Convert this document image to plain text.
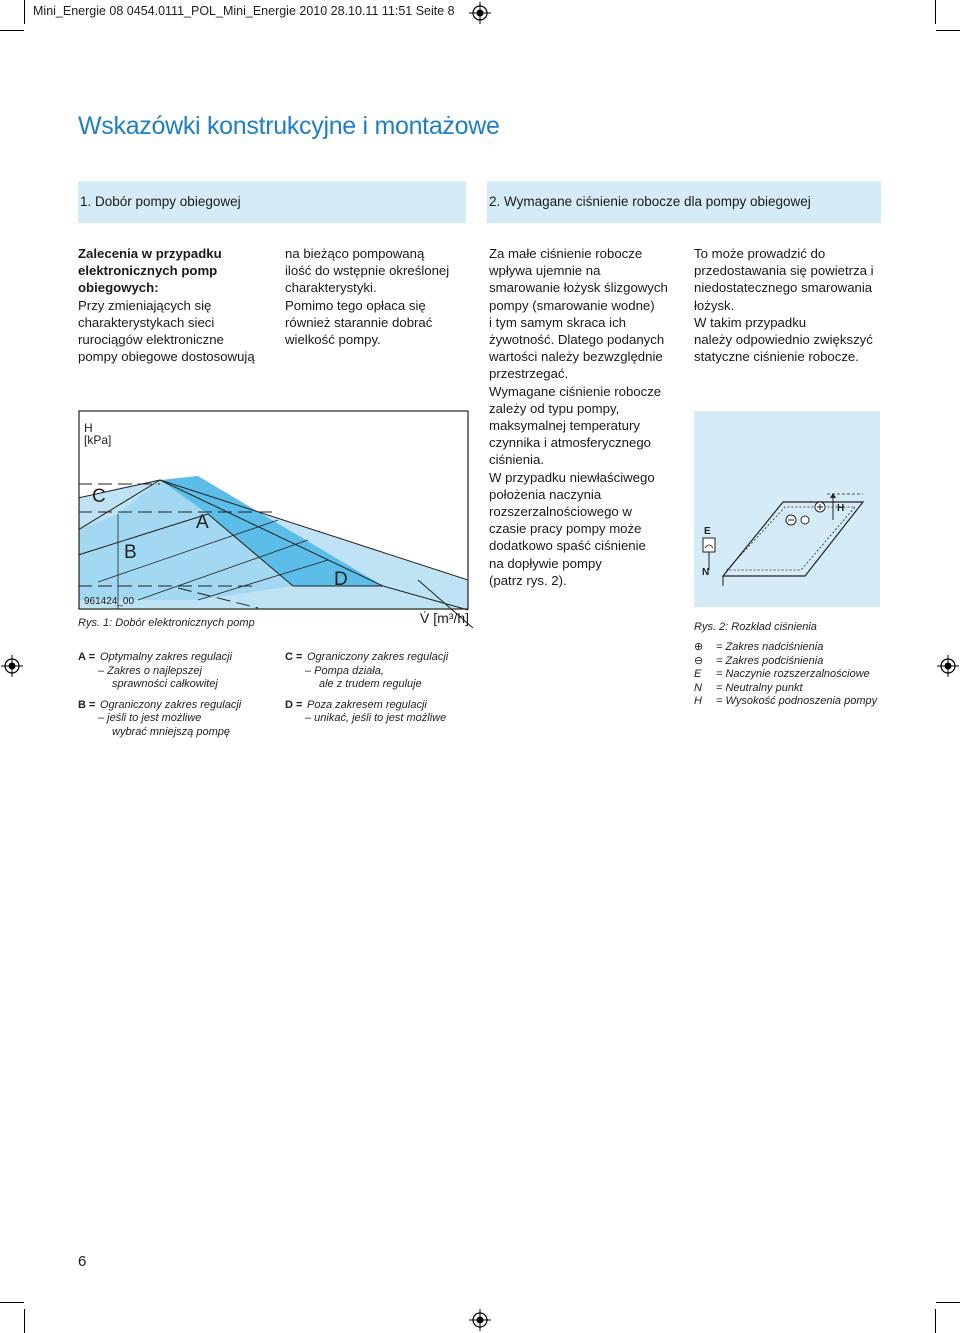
Mini_Energie 08 0454.0111_POL_Mini_Energie 2010 28.10.11 11:51 Seite 8
Wskazówki konstrukcyjne i montażowe
1. Dobór pompy obiegowej	2. Wymagane ciśnienie robocze dla pompy obiegowej

Zalecenia w przypadku

elektronicznych pomp

obiegowych:

Przy zmieniających się

charakterystykach sieci

rurociągów elektroniczne

pompy obiegowe dostosowują

na bieżąco pompowaną

ilość do wstępnie określonej

charakterystyki.

Pomimo tego opłaca się

również starannie dobrać

wielkość pompy.

Za małe ciśnienie robocze

wpływa ujemnie na

smarowanie łożysk ślizgowych

pompy (smarowanie wodne)

i tym samym skraca ich

żywotność. Dlatego podanych

wartości należy bezwzględnie

przestrzegać.

Wymagane ciśnienie robocze

zależy od typu pompy,

maksymalnej temperatury

czynnika i atmosferycznego

ciśnienia.

W przypadku niewłaściwego

położenia naczynia

rozszerzalnościowego w

czasie pracy pompy może

dodatkowo spaść ciśnienie

na dopływie pompy

(patrz rys. 2).

To może prowadzić do

przedostawania się powietrza i

niedostatecznego smarowania

łożysk.

W takim przypadku

należy odpowiednio zwiększyć

statyczne ciśnienie robocze.

H
[kPa]
C
A
B
D
961424_00
V̇ [m³/h]
Rys. 1: Dobór elektronicznych pomp
A = Optymalny zakres regulacji
– Zakres o najlepszej
sprawności całkowitej
B = Ograniczony zakres regulacji
– jeśli to jest możliwe
wybrać mniejszą pompę
C = Ograniczony zakres regulacji
– Pompa działa,
ale z trudem reguluje
D = Poza zakresem regulacji
– unikać, jeśli to jest możliwe
E
N
H
Rys. 2: Rozkład ciśnienia
⊕	= Zakres nadciśnienia
⊖	= Zakres podciśnienia
E	= Naczynie rozszerzalnościowe
N	= Neutralny punkt
H	= Wysokość podnoszenia pompy
6
